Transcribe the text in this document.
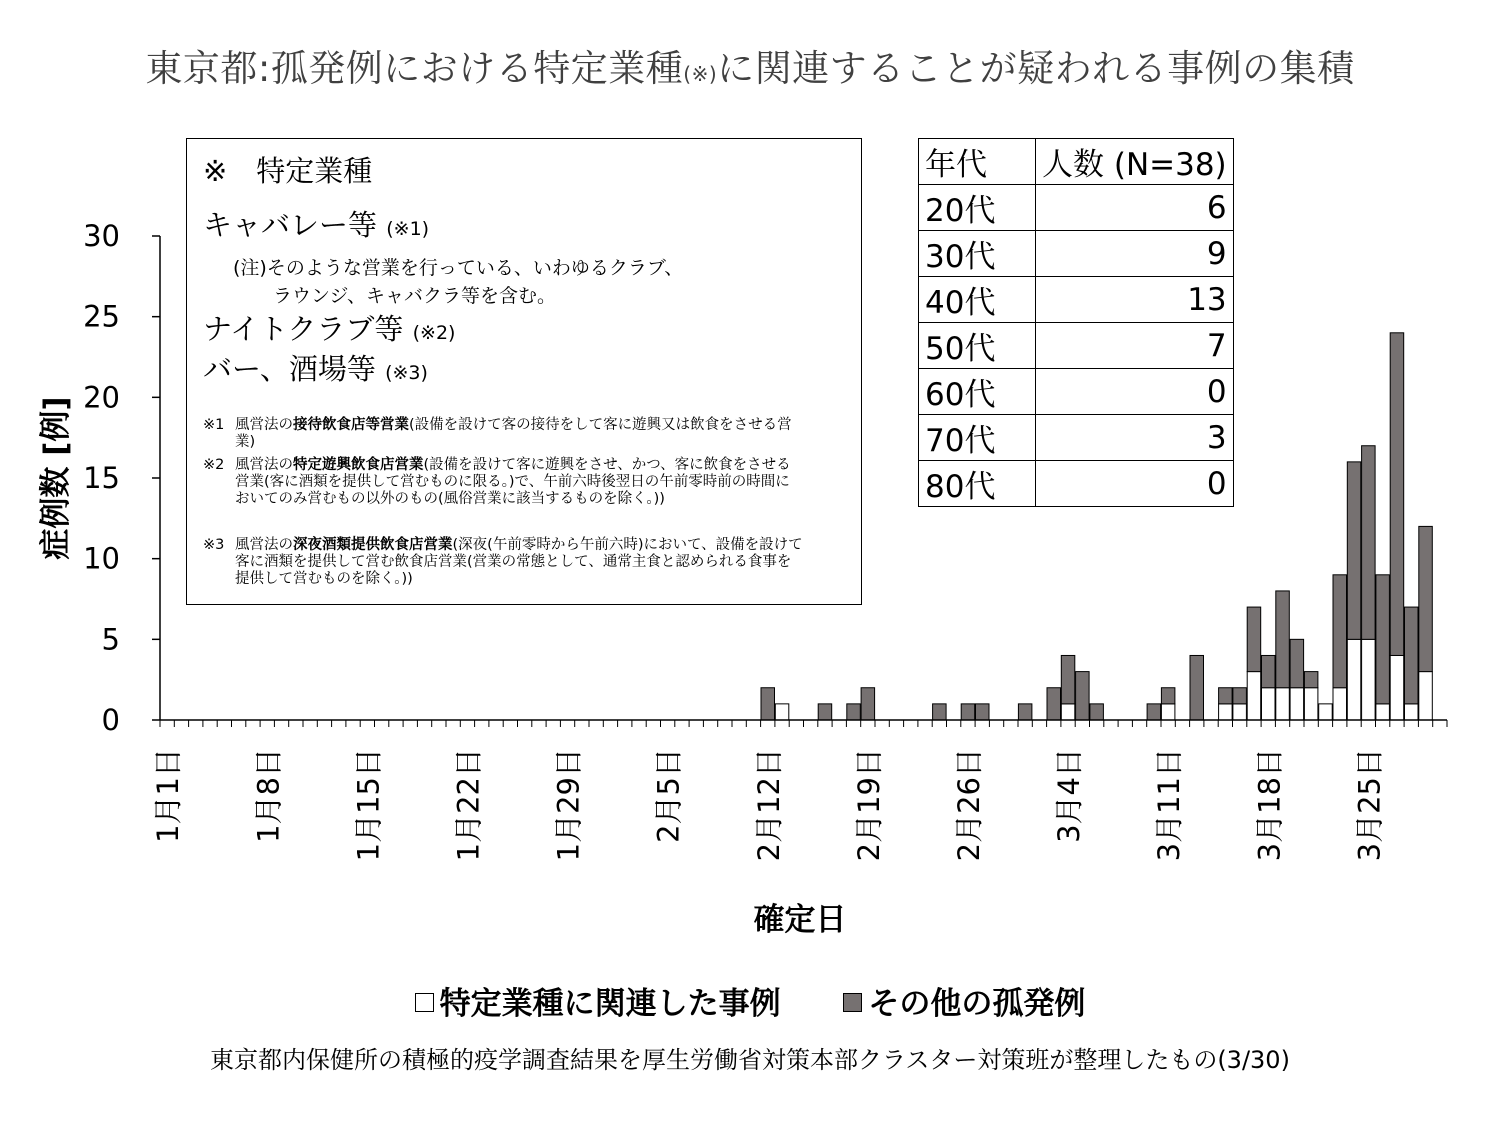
東京都:孤発例における特定業種(※)に関連することが疑われる事例の集積
0
5
10
15
20
25
30
1月1日 1月8日 1月15日 1月22日 1月29日 2月5日 2月12日 2月19日 2月26日 3月4日 3月11日 3月18日 3月25日
症例数 [例]
確定日
※　特定業種
キャバレー等 (※1)
(注)そのような営業を行っている、いわゆるクラブ、
ラウンジ、キャバクラ等を含む。
ナイトクラブ等 (※2)
バー、酒場等 (※3)
※1 風営法の接待飲食店等営業(設備を設けて客の接待をして客に遊興又は飲食をさせる営業)
※2 風営法の特定遊興飲食店営業(設備を設けて客に遊興をさせ、かつ、客に飲食をさせる営業(客に酒類を提供して営むものに限る。)で、午前六時後翌日の午前零時前の時間においてのみ営むもの以外のもの(風俗営業に該当するものを除く。))
※3 風営法の深夜酒類提供飲食店営業(深夜(午前零時から午前六時)において、設備を設けて客に酒類を提供して営む飲食店営業(営業の常態として、通常主食と認められる食事を提供して営むものを除く。))
年代	人数 (N=38)
20代	6
30代	9
40代	13
50代	7
60代	0
70代	3
80代	0
特定業種に関連した事例	その他の孤発例
東京都内保健所の積極的疫学調査結果を厚生労働省対策本部クラスター対策班が整理したもの(3/30)
